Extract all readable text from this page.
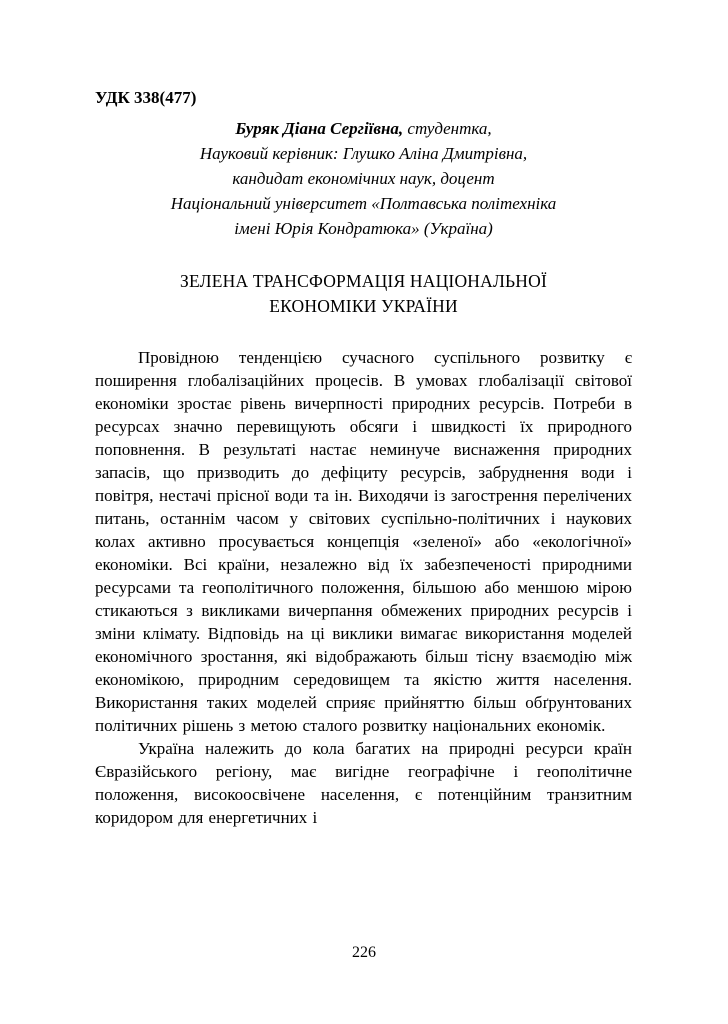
УДК 338(477)
Буряк Діана Сергіївна, студентка,
Науковий керівник: Глушко Аліна Дмитрівна,
кандидат економічних наук, доцент
Національний університет «Полтавська політехніка
імені Юрія Кондратюка» (Україна)
ЗЕЛЕНА ТРАНСФОРМАЦІЯ НАЦІОНАЛЬНОЇ
ЕКОНОМІКИ УКРАЇНИ

Провідною тенденцією сучасного суспільного розвитку є поширення глобалізаційних процесів. В умовах глобалізації світової економіки зростає рівень вичерпності природних ресурсів. Потреби в ресурсах значно перевищують обсяги і швидкості їх природного поповнення. В результаті настає неминуче виснаження природних запасів, що призводить до дефіциту ресурсів, забруднення води і повітря, нестачі прісної води та ін. Виходячи із загострення перелічених питань, останнім часом у світових суспільно-політичних і наукових колах активно просувається концепція «зеленої» або «екологічної» економіки. Всі країни, незалежно від їх забезпеченості природними ресурсами та геополітичного положення, більшою або меншою мірою стикаються з викликами вичерпання обмежених природних ресурсів і зміни клімату. Відповідь на ці виклики вимагає використання моделей економічного зростання, які відображають більш тісну взаємодію між економікою, природним середовищем та якістю життя населення. Використання таких моделей сприяє прийняттю більш обґрунтованих політичних рішень з метою сталого розвитку національних економік.

Україна належить до кола багатих на природні ресурси країн Євразійського регіону, має вигідне географічне і геополітичне положення, високоосвічене населення, є потенційним транзитним коридором для енергетичних і

226
